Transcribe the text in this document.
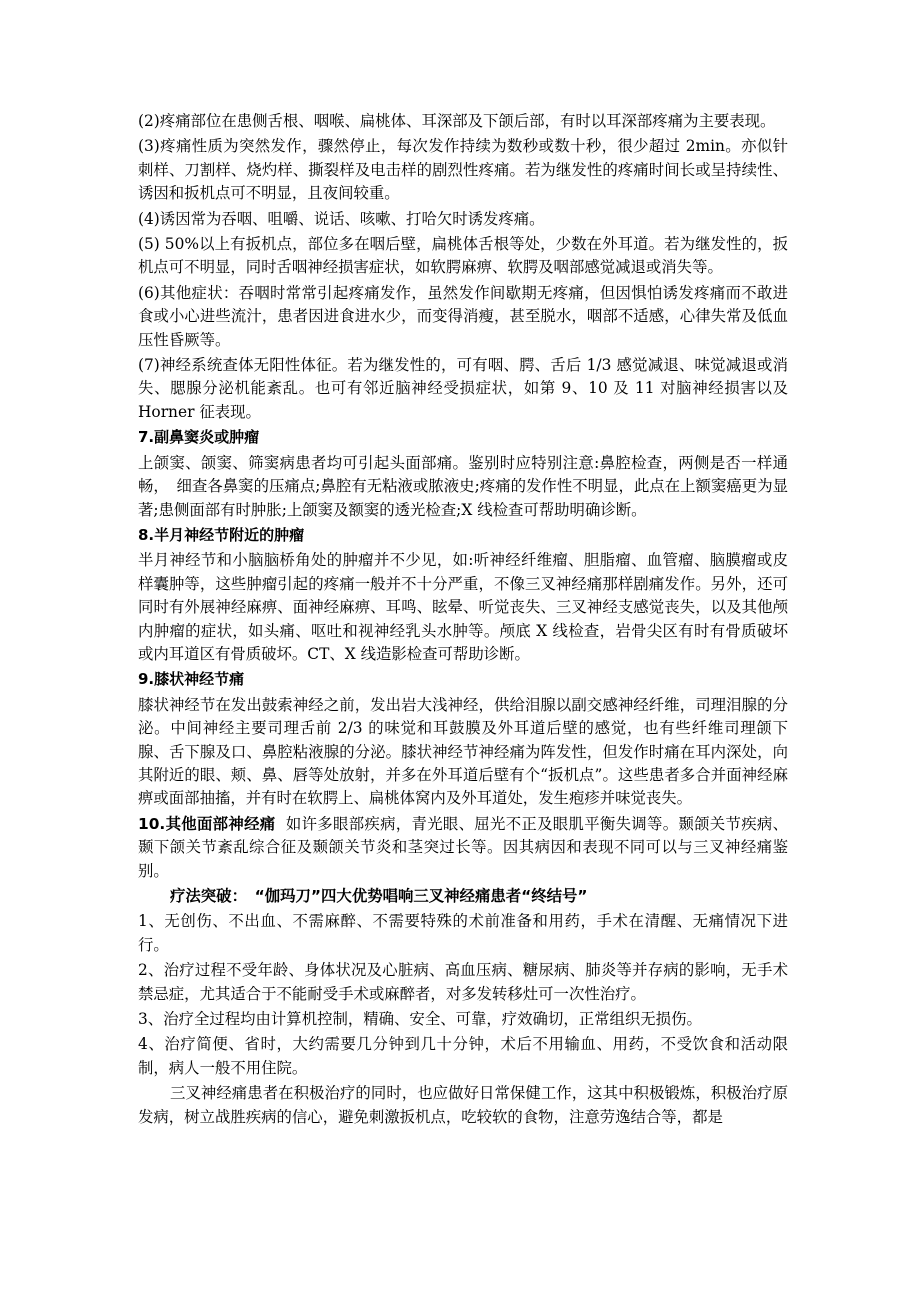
(2)疼痛部位在患侧舌根、咽喉、扁桃体、耳深部及下颌后部，有时以耳深部疼痛为主要表现。

(3)疼痛性质为突然发作，骤然停止，每次发作持续为数秒或数十秒，很少超过 2min。亦似针刺样、刀割样、烧灼样、撕裂样及电击样的剧烈性疼痛。若为继发性的疼痛时间长或呈持续性、诱因和扳机点可不明显，且夜间较重。

(4)诱因常为吞咽、咀嚼、说话、咳嗽、打哈欠时诱发疼痛。

(5) 50%以上有扳机点，部位多在咽后壁，扁桃体舌根等处，少数在外耳道。若为继发性的，扳机点可不明显，同时舌咽神经损害症状，如软腭麻痹、软腭及咽部感觉减退或消失等。

(6)其他症状：吞咽时常常引起疼痛发作，虽然发作间歇期无疼痛，但因惧怕诱发疼痛而不敢进食或小心进些流汁，患者因进食进水少，而变得消瘦，甚至脱水，咽部不适感，心律失常及低血压性昏厥等。

(7)神经系统查体无阳性体征。若为继发性的，可有咽、腭、舌后 1/3 感觉减退、味觉减退或消失、腮腺分泌机能紊乱。也可有邻近脑神经受损症状，如第 9、10 及 11 对脑神经损害以及 Horner 征表现。

7.副鼻窦炎或肿瘤

上颌窦、颌窦、筛窦病患者均可引起头面部痛。鉴别时应特别注意:鼻腔检查，两侧是否一样通畅，　细查各鼻窦的压痛点;鼻腔有无粘液或脓液史;疼痛的发作性不明显，此点在上额窦癌更为显著;患侧面部有时肿胀;上颌窦及额窦的透光检查;X 线检查可帮助明确诊断。

8.半月神经节附近的肿瘤

半月神经节和小脑脑桥角处的肿瘤并不少见，如:听神经纤维瘤、胆脂瘤、血管瘤、脑膜瘤或皮样囊肿等，这些肿瘤引起的疼痛一般并不十分严重，不像三叉神经痛那样剧痛发作。另外，还可同时有外展神经麻痹、面神经麻痹、耳鸣、眩晕、听觉丧失、三叉神经支感觉丧失，以及其他颅内肿瘤的症状，如头痛、呕吐和视神经乳头水肿等。颅底 X 线检查，岩骨尖区有时有骨质破坏或内耳道区有骨质破坏。CT、X 线造影检查可帮助诊断。

9.膝状神经节痛

膝状神经节在发出鼓索神经之前，发出岩大浅神经，供给泪腺以副交感神经纤维，司理泪腺的分泌。中间神经主要司理舌前 2/3 的味觉和耳鼓膜及外耳道后壁的感觉，也有些纤维司理颌下腺、舌下腺及口、鼻腔粘液腺的分泌。膝状神经节神经痛为阵发性，但发作时痛在耳内深处，向其附近的眼、颊、鼻、唇等处放射，并多在外耳道后壁有个“扳机点”。这些患者多合并面神经麻痹或面部抽搐，并有时在软腭上、扁桃体窝内及外耳道处，发生疱疹并味觉丧失。

10.其他面部神经痛 如许多眼部疾病，青光眼、屈光不正及眼肌平衡失调等。颞颌关节疾病、颞下颌关节紊乱综合征及颞颌关节炎和茎突过长等。因其病因和表现不同可以与三叉神经痛鉴别。

疗法突破：　“伽玛刀”四大优势唱响三叉神经痛患者“终结号”

1、无创伤、不出血、不需麻醉、不需要特殊的术前准备和用药，手术在清醒、无痛情况下进行。

2、治疗过程不受年龄、身体状况及心脏病、高血压病、糖尿病、肺炎等并存病的影响，无手术禁忌症，尤其适合于不能耐受手术或麻醉者，对多发转移灶可一次性治疗。

3、治疗全过程均由计算机控制，精确、安全、可靠，疗效确切，正常组织无损伤。

4、治疗简便、省时，大约需要几分钟到几十分钟，术后不用输血、用药，不受饮食和活动限制，病人一般不用住院。

三叉神经痛患者在积极治疗的同时，也应做好日常保健工作，这其中积极锻炼，积极治疗原发病，树立战胜疾病的信心，避免刺激扳机点，吃较软的食物，注意劳逸结合等，都是
